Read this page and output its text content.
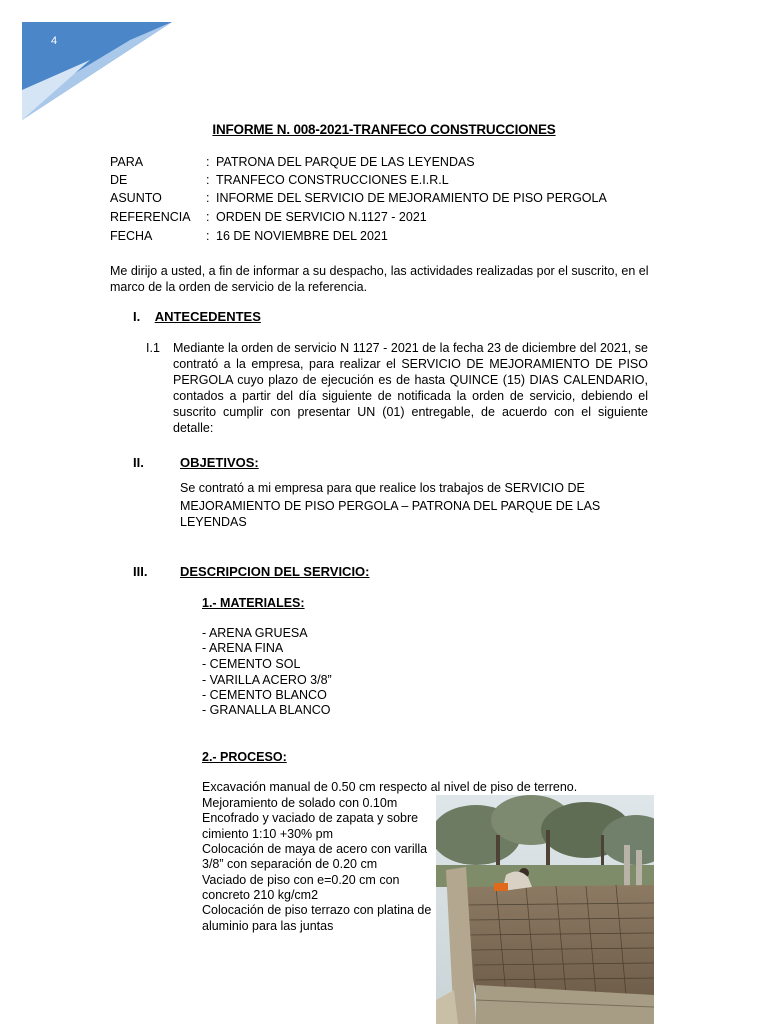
4
INFORME N. 008-2021-TRANFECO CONSTRUCCIONES
PARA	: PATRONA DEL PARQUE DE LAS LEYENDAS
DE	: TRANFECO CONSTRUCCIONES E.I.R.L
ASUNTO	: INFORME DEL SERVICIO DE MEJORAMIENTO DE PISO PERGOLA
REFERENCIA : ORDEN DE SERVICIO N.1127 - 2021
FECHA	: 16 DE NOVIEMBRE DEL 2021
Me dirijo a usted, a fin de informar a su despacho, las actividades realizadas por el suscrito, en el marco de la orden de servicio de la referencia.
I. ANTECEDENTES
I.1	Mediante la orden de servicio N 1127 - 2021 de la fecha 23 de diciembre del 2021, se contrató a la empresa, para realizar el SERVICIO DE MEJORAMIENTO DE PISO PERGOLA cuyo plazo de ejecución es de hasta QUINCE (15) DIAS CALENDARIO, contados a partir del día siguiente de notificada la orden de servicio, debiendo el suscrito cumplir con presentar UN (01) entregable, de acuerdo con el siguiente detalle:
II.	OBJETIVOS:
Se contrató a mi empresa para que realice los trabajos de SERVICIO DE
MEJORAMIENTO DE PISO PERGOLA – PATRONA DEL PARQUE DE LAS LEYENDAS
III.	DESCRIPCION DEL SERVICIO:
1.- MATERIALES:
- ARENA GRUESA
- ARENA FINA
- CEMENTO SOL
- VARILLA ACERO 3/8”
- CEMENTO BLANCO
- GRANALLA BLANCO
2.- PROCESO:
Excavación manual de 0.50 cm respecto al nivel de piso de terreno.
Mejoramiento de solado con 0.10m
Encofrado y vaciado de zapata y sobre
cimiento 1:10 +30% pm
Colocación de maya de acero con varilla
3/8” con separación de 0.20 cm
Vaciado de piso con e=0.20 cm con
concreto 210 kg/cm2
Colocación de piso terrazo con platina de
aluminio para las juntas
